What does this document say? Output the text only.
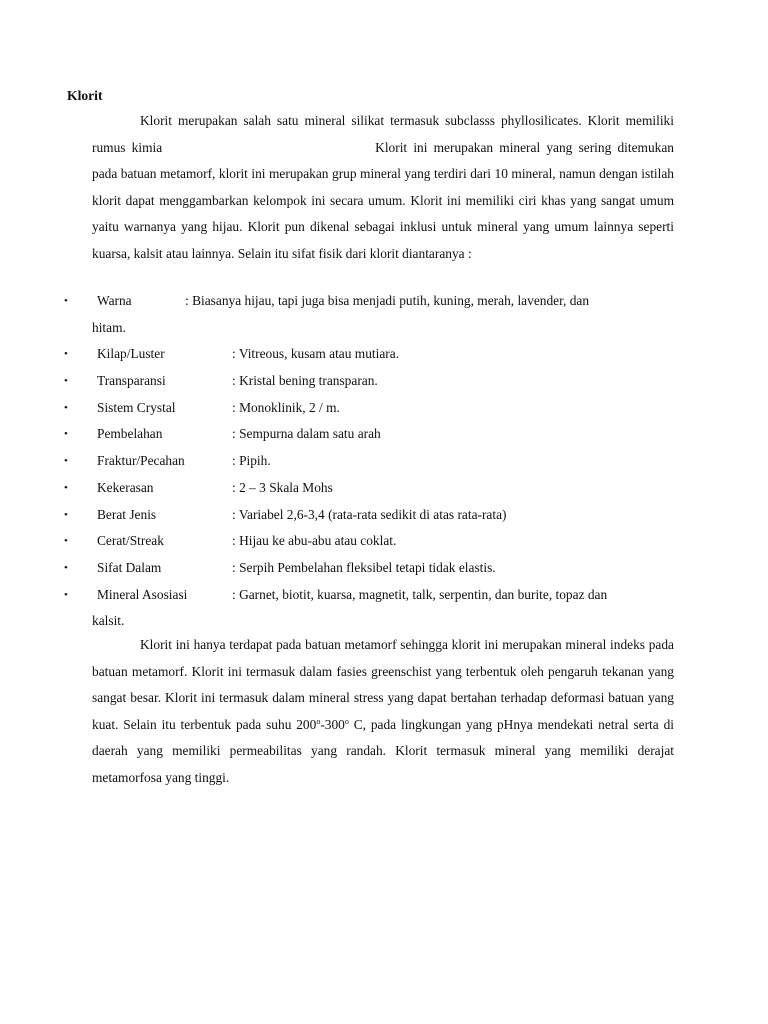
Klorit

Klorit merupakan salah satu mineral silikat termasuk subclasss phyllosilicates. Klorit memiliki rumus kimia	Klorit ini merupakan mineral yang sering ditemukan pada batuan metamorf, klorit ini merupakan grup mineral yang terdiri dari 10 mineral, namun dengan istilah klorit dapat menggambarkan kelompok ini secara umum. Klorit ini memiliki ciri khas yang sangat umum yaitu warnanya yang hijau. Klorit pun dikenal sebagai inklusi untuk mineral yang umum lainnya seperti kuarsa, kalsit atau lainnya. Selain itu sifat fisik dari klorit diantaranya :

• Warna	: Biasanya hijau, tapi juga bisa menjadi putih, kuning, merah, lavender, dan
hitam.
• Kilap/Luster	: Vitreous, kusam atau mutiara.
• Transparansi	: Kristal bening transparan.
• Sistem Crystal	: Monoklinik, 2 / m.
• Pembelahan	: Sempurna dalam satu arah
• Fraktur/Pecahan	: Pipih.
• Kekerasan	: 2 – 3 Skala Mohs
• Berat Jenis	: Variabel 2,6-3,4 (rata-rata sedikit di atas rata-rata)
• Cerat/Streak	: Hijau ke abu-abu atau coklat.
• Sifat Dalam	: Serpih Pembelahan fleksibel tetapi tidak elastis.
• Mineral Asosiasi	: Garnet, biotit, kuarsa, magnetit, talk, serpentin, dan burite, topaz dan
kalsit.

Klorit ini hanya terdapat pada batuan metamorf sehingga klorit ini merupakan mineral indeks pada batuan metamorf. Klorit ini termasuk dalam fasies greenschist yang terbentuk oleh pengaruh tekanan yang sangat besar. Klorit ini termasuk dalam mineral stress yang dapat bertahan terhadap deformasi batuan yang kuat. Selain itu terbentuk pada suhu 200$^o$-300$^o$ C, pada lingkungan yang pHnya mendekati netral serta di daerah yang memiliki permeabilitas yang randah. Klorit termasuk mineral yang memiliki derajat metamorfosa yang tinggi.
